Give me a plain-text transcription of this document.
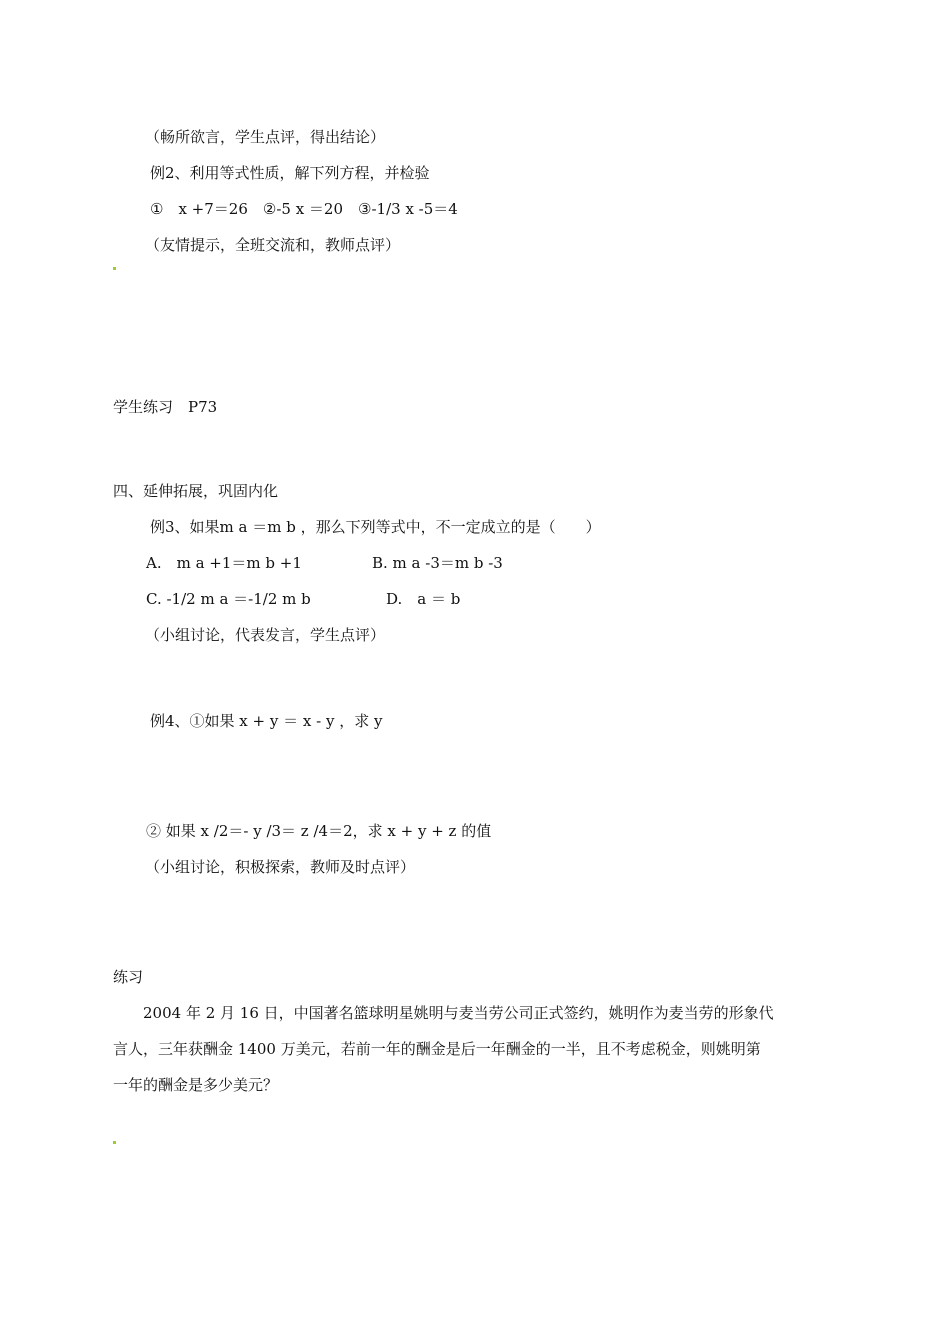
（畅所欲言，学生点评，得出结论）
例2、利用等式性质，解下列方程，并检验
①　x +7＝26　②-5 x ＝20　③-1/3 x -5＝4
（友情提示，全班交流和，教师点评）
学生练习　P73
四、延伸拓展，巩固内化
例3、如果m a ＝m b ，那么下列等式中，不一定成立的是（　　）
A.　m a +1＝m b +1	B. m a -3＝m b -3
C. -1/2 m a ＝-1/2 m b	D.　a ＝ b
（小组讨论，代表发言，学生点评）
例4、①如果 x + y ＝ x - y ，求 y
② 如果 x /2＝- y /3＝ z /4＝2，求 x + y + z 的值
（小组讨论，积极探索，教师及时点评）
练习
　　2004 年 2 月 16 日，中国著名篮球明星姚明与麦当劳公司正式签约，姚明作为麦当劳的形象代
言人，三年获酬金 1400 万美元，若前一年的酬金是后一年酬金的一半，且不考虑税金，则姚明第
一年的酬金是多少美元？
